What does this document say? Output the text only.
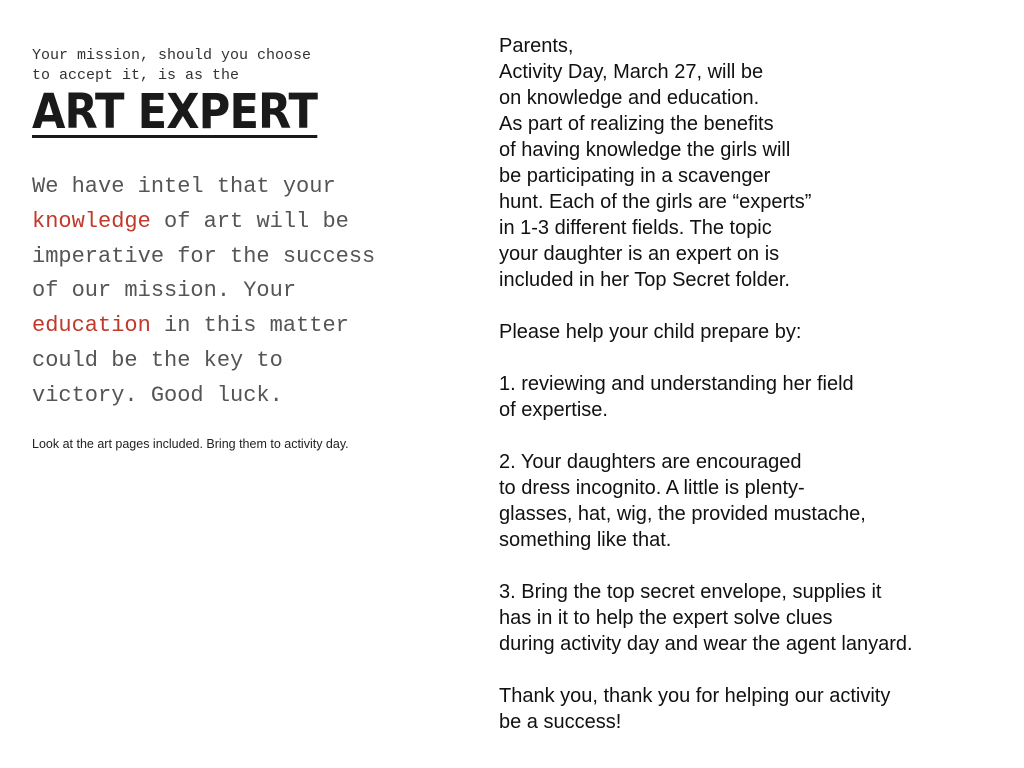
Your mission, should you choose
to accept it, is as the

ART EXPERT

We have intel that your knowledge of art will be imperative for the success of our mission. Your education in this matter could be the key to victory. Good luck.

Look at the art pages included. Bring them to activity day.

Parents,
Activity Day, March 27, will be
on knowledge and education.
As part of realizing the benefits
of having knowledge the girls will
be participating in a scavenger
hunt. Each of the girls are “experts”
in 1-3 different fields. The topic
your daughter is an expert on is
included in her Top Secret folder.

Please help your child prepare by:

1. reviewing and understanding her field
of expertise.

2. Your daughters are encouraged
to dress incognito. A little is plenty-
glasses, hat, wig, the provided mustache,
something like that.

3. Bring the top secret envelope, supplies it
has in it to help the expert solve clues
during activity day and wear the agent lanyard.

Thank you, thank you for helping our activity
be a success!
